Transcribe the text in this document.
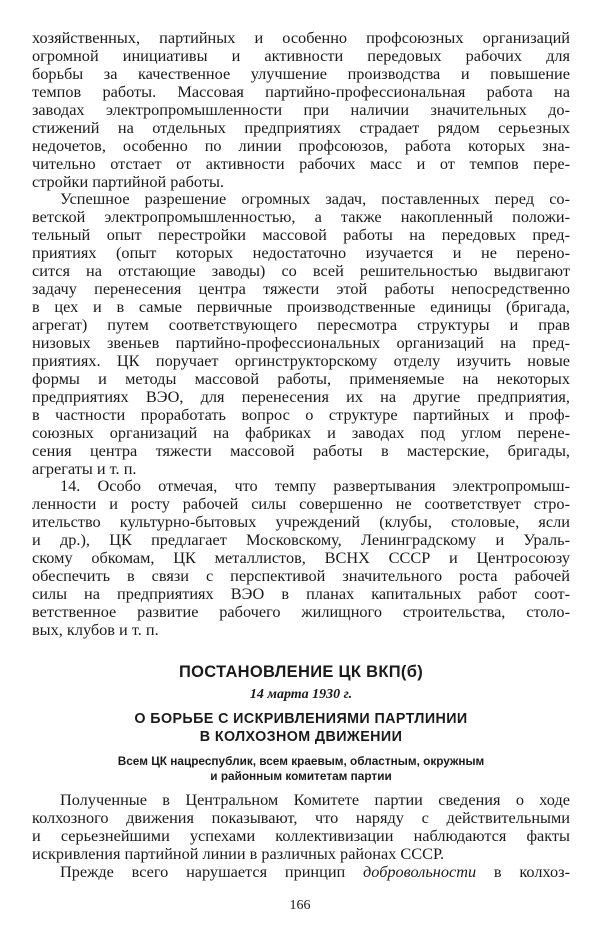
хозяйственных, партийных и особенно профсоюзных организаций
огромной инициативы и активности передовых рабочих для
борьбы за качественное улучшение производства и повышение
темпов работы. Массовая партийно-профессиональная работа на
заводах электропромышленности при наличии значительных до-
стижений на отдельных предприятиях страдает рядом серьезных
недочетов, особенно по линии профсоюзов, работа которых зна-
чительно отстает от активности рабочих масс и от темпов пере-
стройки партийной работы.
Успешное разрешение огромных задач, поставленных перед со-
ветской электропромышленностью, а также накопленный положи-
тельный опыт перестройки массовой работы на передовых пред-
приятиях (опыт которых недостаточно изучается и не перено-
сится на отстающие заводы) со всей решительностью выдвигают
задачу перенесения центра тяжести этой работы непосредственно
в цех и в самые первичные производственные единицы (бригада,
агрегат) путем соответствующего пересмотра структуры и прав
низовых звеньев партийно-профессиональных организаций на пред-
приятиях. ЦК поручает оргинструкторскому отделу изучить новые
формы и методы массовой работы, применяемые на некоторых
предприятиях ВЭО, для перенесения их на другие предприятия,
в частности проработать вопрос о структуре партийных и проф-
союзных организаций на фабриках и заводах под углом перене-
сения центра тяжести массовой работы в мастерские, бригады,
агрегаты и т. п.
14. Особо отмечая, что темпу развертывания электропромыш-
ленности и росту рабочей силы совершенно не соответствует стро-
ительство культурно-бытовых учреждений (клубы, столовые, ясли
и др.), ЦК предлагает Московскому, Ленинградскому и Ураль-
скому обкомам, ЦК металлистов, ВСНХ СССР и Центросоюзу
обеспечить в связи с перспективой значительного роста рабочей
силы на предприятиях ВЭО в планах капитальных работ соот-
ветственное развитие рабочего жилищного строительства, столо-
вых, клубов и т. п.
ПОСТАНОВЛЕНИЕ ЦК ВКП(б)
14 марта 1930 г.
О БОРЬБЕ С ИСКРИВЛЕНИЯМИ ПАРТЛИНИИ
В КОЛХОЗНОМ ДВИЖЕНИИ
Всем ЦК нацреспублик, всем краевым, областным, окружным
и районным комитетам партии
Полученные в Центральном Комитете партии сведения о ходе
колхозного движения показывают, что наряду с действительными
и серьезнейшими успехами коллективизации наблюдаются факты
искривления партийной линии в различных районах СССР.
Прежде всего нарушается принцип добровольности в колхоз-
166
